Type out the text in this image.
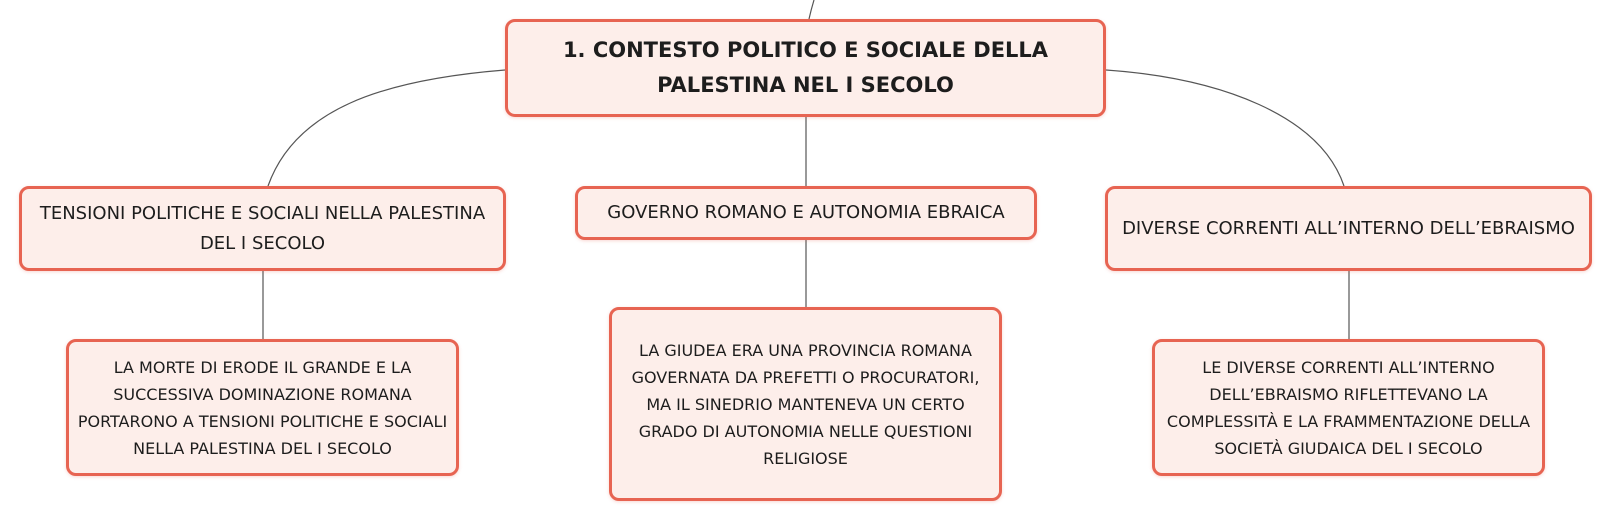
1. CONTESTO POLITICO E SOCIALE DELLA PALESTINA NEL I SECOLO
TENSIONI POLITICHE E SOCIALI NELLA PALESTINA DEL I SECOLO
GOVERNO ROMANO E AUTONOMIA EBRAICA
DIVERSE CORRENTI ALL’INTERNO DELL’EBRAISMO
LA MORTE DI ERODE IL GRANDE E LA SUCCESSIVA DOMINAZIONE ROMANA PORTARONO A TENSIONI POLITICHE E SOCIALI NELLA PALESTINA DEL I SECOLO
LA GIUDEA ERA UNA PROVINCIA ROMANA GOVERNATA DA PREFETTI O PROCURATORI, MA IL SINEDRIO MANTENEVA UN CERTO GRADO DI AUTONOMIA NELLE QUESTIONI RELIGIOSE
LE DIVERSE CORRENTI ALL’INTERNO DELL’EBRAISMO RIFLETTEVANO LA COMPLESSITÀ E LA FRAMMENTAZIONE DELLA SOCIETÀ GIUDAICA DEL I SECOLO
